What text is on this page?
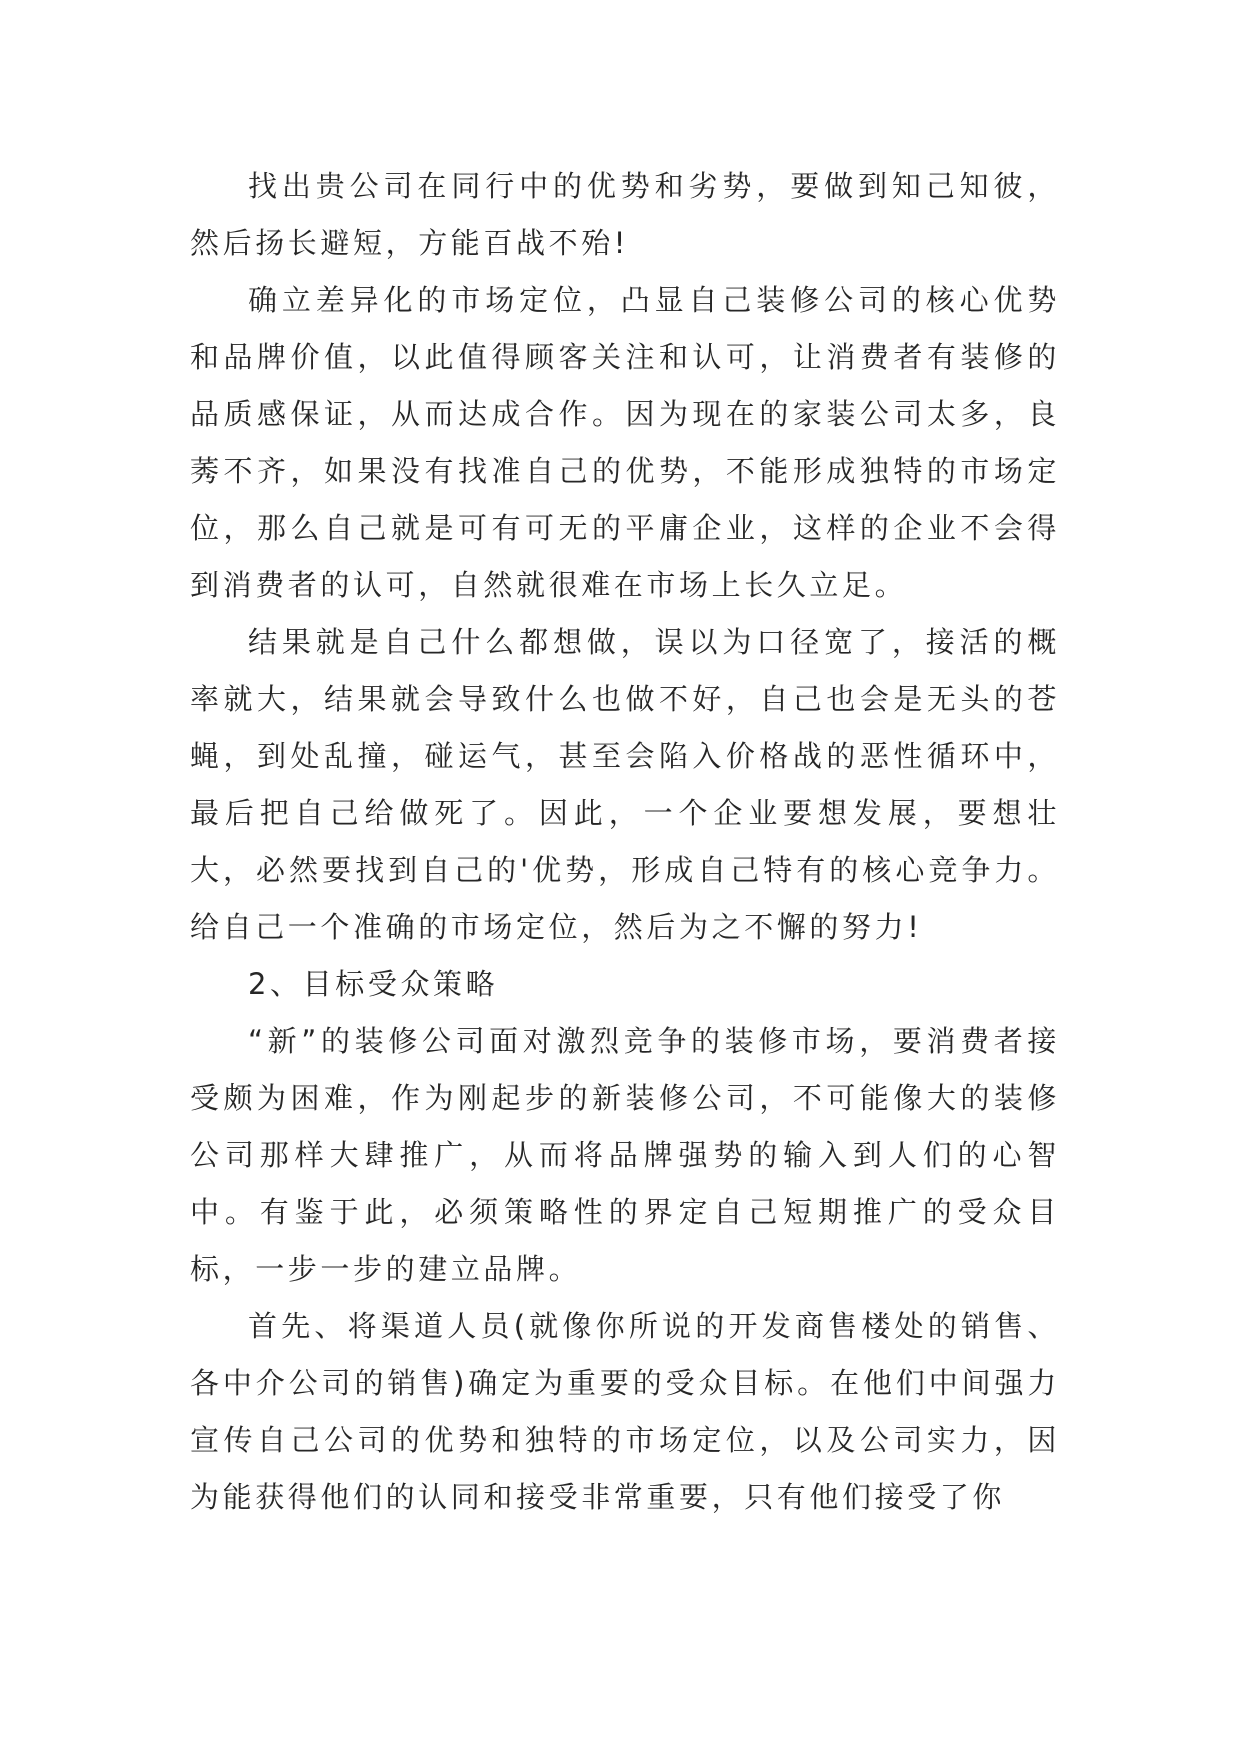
找出贵公司在同行中的优势和劣势，要做到知己知彼，然后扬长避短，方能百战不殆!

确立差异化的市场定位，凸显自己装修公司的核心优势和品牌价值，以此值得顾客关注和认可，让消费者有装修的品质感保证，从而达成合作。因为现在的家装公司太多，良莠不齐，如果没有找准自己的优势，不能形成独特的市场定位，那么自己就是可有可无的平庸企业，这样的企业不会得到消费者的认可，自然就很难在市场上长久立足。

结果就是自己什么都想做，误以为口径宽了，接活的概率就大，结果就会导致什么也做不好，自己也会是无头的苍蝇，到处乱撞，碰运气，甚至会陷入价格战的恶性循环中，最后把自己给做死了。因此，一个企业要想发展，要想壮大，必然要找到自己的'优势，形成自己特有的核心竞争力。给自己一个准确的市场定位，然后为之不懈的努力!

2、目标受众策略

“新”的装修公司面对激烈竞争的装修市场，要消费者接受颇为困难，作为刚起步的新装修公司，不可能像大的装修公司那样大肆推广，从而将品牌强势的输入到人们的心智中。有鉴于此，必须策略性的界定自己短期推广的受众目标，一步一步的建立品牌。

首先、将渠道人员(就像你所说的开发商售楼处的销售、各中介公司的销售)确定为重要的受众目标。在他们中间强力宣传自己公司的优势和独特的市场定位，以及公司实力，因为能获得他们的认同和接受非常重要，只有他们接受了你
